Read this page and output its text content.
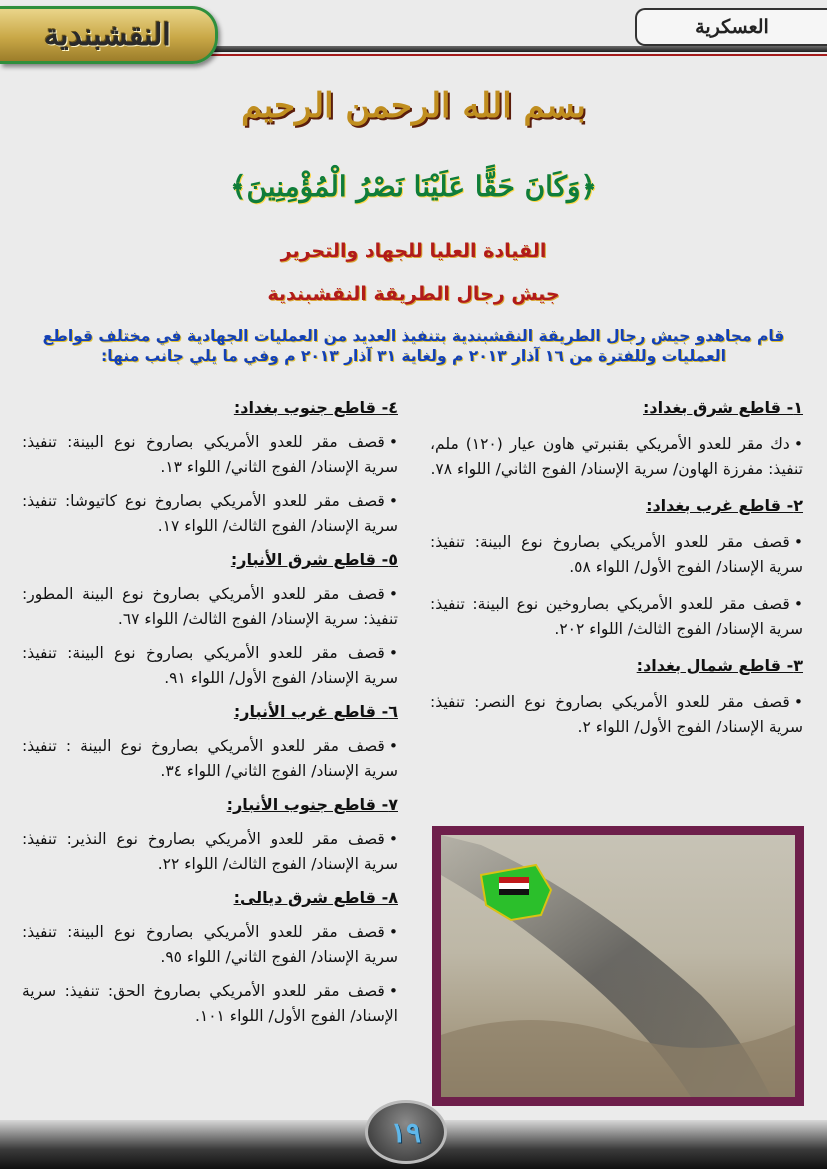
النقشبندية	العسكرية
بسم الله الرحمن الرحيم
﴿وَكَانَ حَقًّا عَلَيْنَا نَصْرُ الْمُؤْمِنِينَ﴾
القيادة العليا للجهاد والتحرير
جيش رجال الطريقة النقشبندية
قام مجاهدو جيش رجال الطريقة النقشبندية بتنفيذ العديد من العمليات الجهادية في مختلف قواطع العمليات وللفترة من ١٦ آذار ٢٠١٣ م ولغاية ٣١ آذار ٢٠١٣ م وفي ما يلي جانب منها:
١- قاطع شرق بغداد:
•دك مقر للعدو الأمريكي بقنبرتي هاون عيار (١٢٠) ملم، تنفيذ: مفرزة الهاون/ سرية الإسناد/ الفوج الثاني/ اللواء ٧٨.
٢- قاطع غرب بغداد:
•قصف مقر للعدو الأمريكي بصاروخ نوع البينة: تنفيذ: سرية الإسناد/ الفوج الأول/ اللواء ٥٨.
•قصف مقر للعدو الأمريكي بصاروخين نوع البينة: تنفيذ: سرية الإسناد/ الفوج الثالث/ اللواء ٢٠٢.
٣- قاطع شمال بغداد:
•قصف مقر للعدو الأمريكي بصاروخ نوع النصر: تنفيذ: سرية الإسناد/ الفوج الأول/ اللواء ٢.
٤- قاطع جنوب بغداد:
•قصف مقر للعدو الأمريكي بصاروخ نوع البينة: تنفيذ: سرية الإسناد/ الفوج الثاني/ اللواء ١٣.
•قصف مقر للعدو الأمريكي بصاروخ نوع كاتيوشا: تنفيذ: سرية الإسناد/ الفوج الثالث/ اللواء ١٧.
٥- قاطع شرق الأنبار:
•قصف مقر للعدو الأمريكي بصاروخ نوع البينة المطور: تنفيذ: سرية الإسناد/ الفوج الثالث/ اللواء ٦٧.
•قصف مقر للعدو الأمريكي بصاروخ نوع البينة: تنفيذ: سرية الإسناد/ الفوج الأول/ اللواء ٩١.
٦- قاطع غرب الأنبار:
•قصف مقر للعدو الأمريكي بصاروخ نوع البينة : تنفيذ: سرية الإسناد/ الفوج الثاني/ اللواء ٣٤.
٧- قاطع جنوب الأنبار:
•قصف مقر للعدو الأمريكي بصاروخ نوع النذير: تنفيذ: سرية الإسناد/ الفوج الثالث/ اللواء ٢٢.
٨- قاطع شرق ديالى:
•قصف مقر للعدو الأمريكي بصاروخ نوع البينة: تنفيذ: سرية الإسناد/ الفوج الثاني/ اللواء ٩٥.
•قصف مقر للعدو الأمريكي بصاروخ الحق: تنفيذ: سرية الإسناد/ الفوج الأول/ اللواء ١٠١.
١٩
